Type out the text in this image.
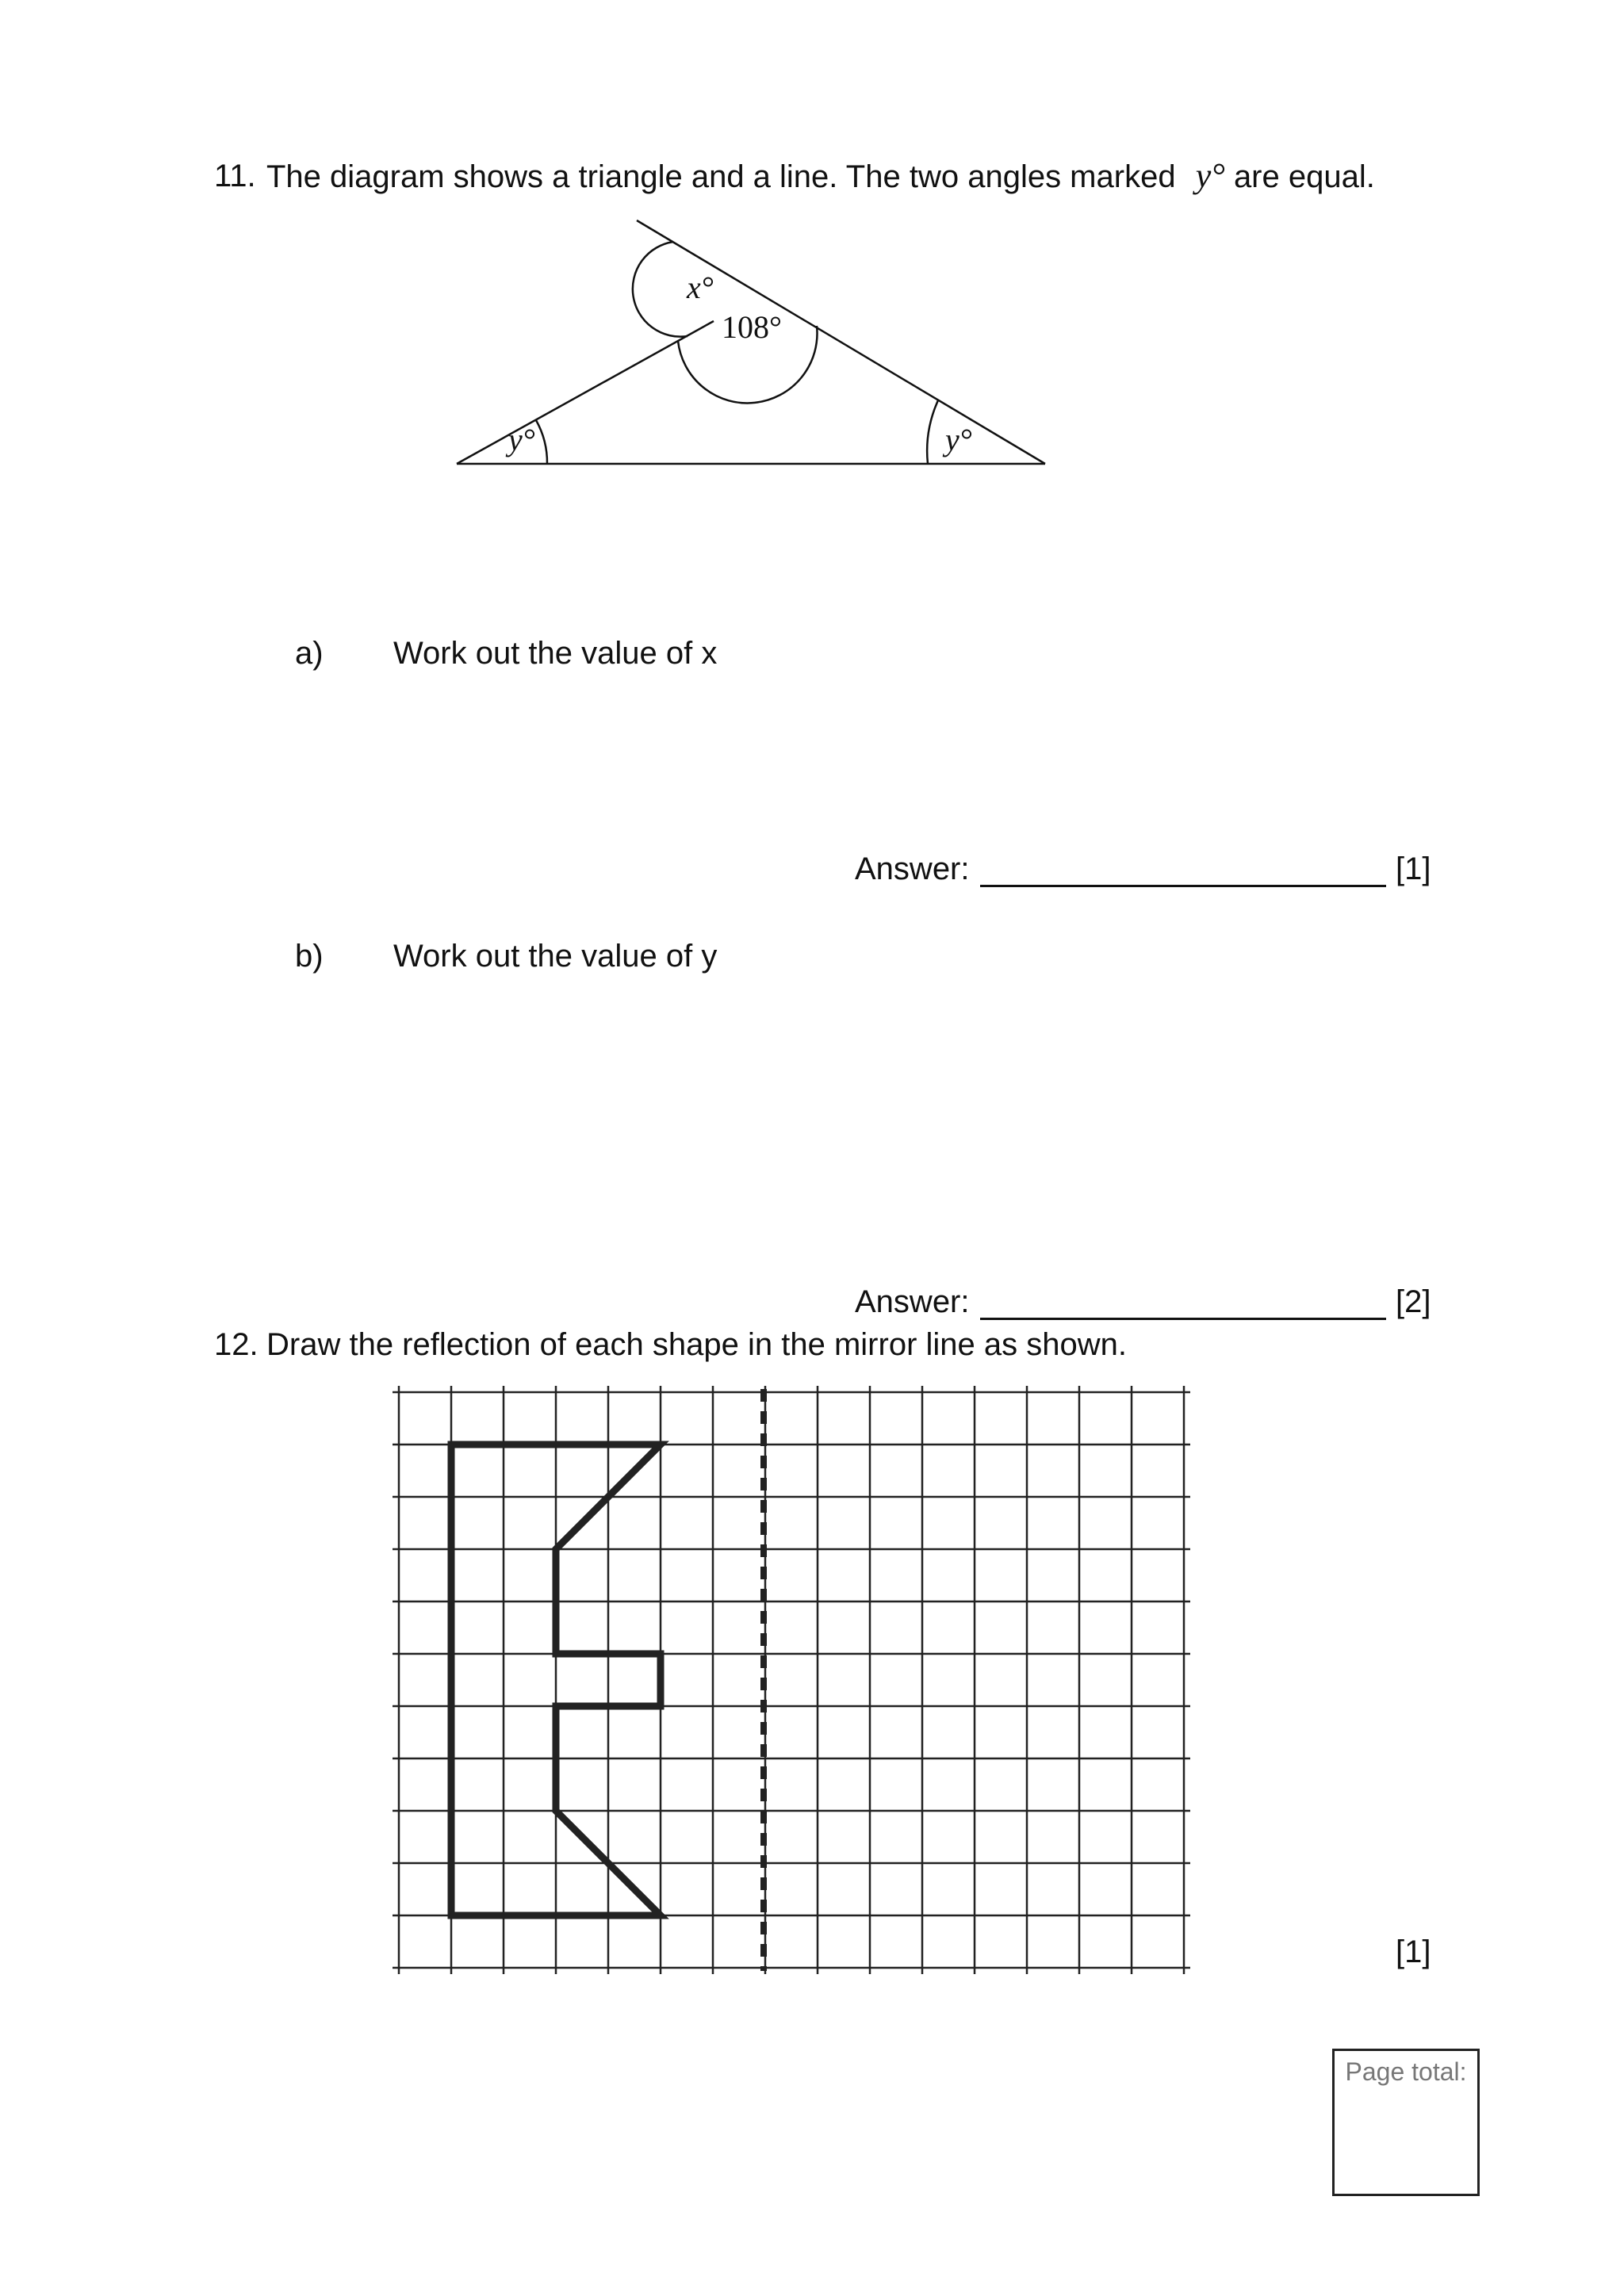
11. The diagram shows a triangle and a line. The two angles marked y° are equal.
x°
108°
y°	y°
a) Work out the value of x
Answer:	[1]
b) Work out the value of y
Answer:	[2]
12. Draw the reflection of each shape in the mirror line as shown.
[1]
Page total:
